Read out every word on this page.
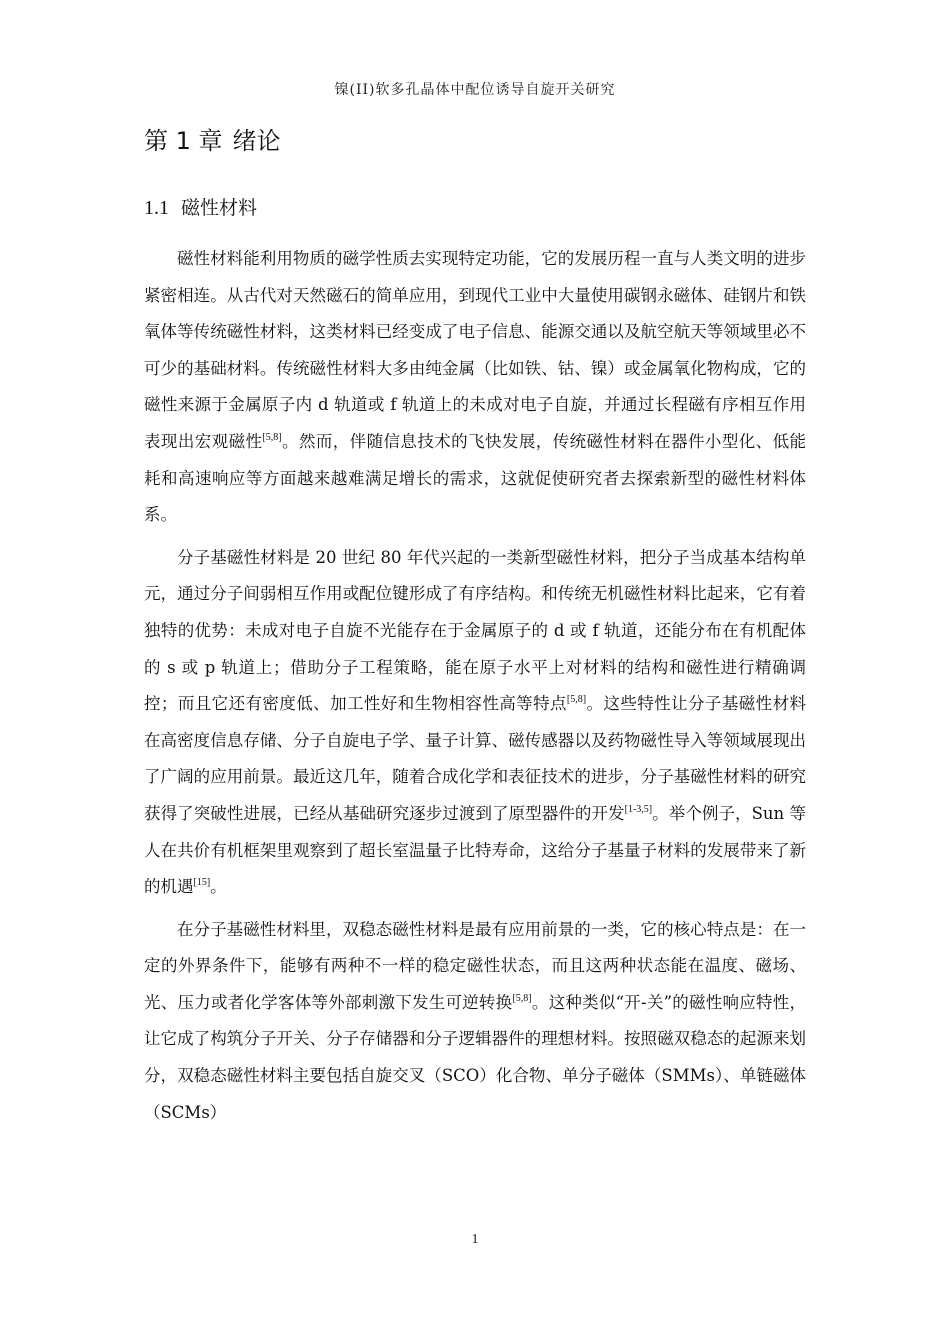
镍(II)软多孔晶体中配位诱导自旋开关研究
第 1 章 绪论
1.1 磁性材料

磁性材料能利用物质的磁学性质去实现特定功能，它的发展历程一直与人类文明的进步紧密相连。从古代对天然磁石的简单应用，到现代工业中大量使用碳钢永磁体、硅钢片和铁氧体等传统磁性材料，这类材料已经变成了电子信息、能源交通以及航空航天等领域里必不可少的基础材料。传统磁性材料大多由纯金属（比如铁、钴、镍）或金属氧化物构成，它的磁性来源于金属原子内 d 轨道或 f 轨道上的未成对电子自旋，并通过长程磁有序相互作用表现出宏观磁性[5,8]。然而，伴随信息技术的飞快发展，传统磁性材料在器件小型化、低能耗和高速响应等方面越来越难满足增长的需求，这就促使研究者去探索新型的磁性材料体系。

分子基磁性材料是 20 世纪 80 年代兴起的一类新型磁性材料，把分子当成基本结构单元，通过分子间弱相互作用或配位键形成了有序结构。和传统无机磁性材料比起来，它有着独特的优势：未成对电子自旋不光能存在于金属原子的 d 或 f 轨道，还能分布在有机配体的 s 或 p 轨道上；借助分子工程策略，能在原子水平上对材料的结构和磁性进行精确调控；而且它还有密度低、加工性好和生物相容性高等特点[5,8]。这些特性让分子基磁性材料在高密度信息存储、分子自旋电子学、量子计算、磁传感器以及药物磁性导入等领域展现出了广阔的应用前景。最近这几年，随着合成化学和表征技术的进步，分子基磁性材料的研究获得了突破性进展，已经从基础研究逐步过渡到了原型器件的开发[1-3,5]。举个例子，Sun 等人在共价有机框架里观察到了超长室温量子比特寿命，这给分子基量子材料的发展带来了新的机遇[15]。

在分子基磁性材料里，双稳态磁性材料是最有应用前景的一类，它的核心特点是：在一定的外界条件下，能够有两种不一样的稳定磁性状态，而且这两种状态能在温度、磁场、光、压力或者化学客体等外部刺激下发生可逆转换[5,8]。这种类似“开-关”的磁性响应特性，让它成了构筑分子开关、分子存储器和分子逻辑器件的理想材料。按照磁双稳态的起源来划分，双稳态磁性材料主要包括自旋交叉（SCO）化合物、单分子磁体（SMMs）、单链磁体（SCMs）

1
